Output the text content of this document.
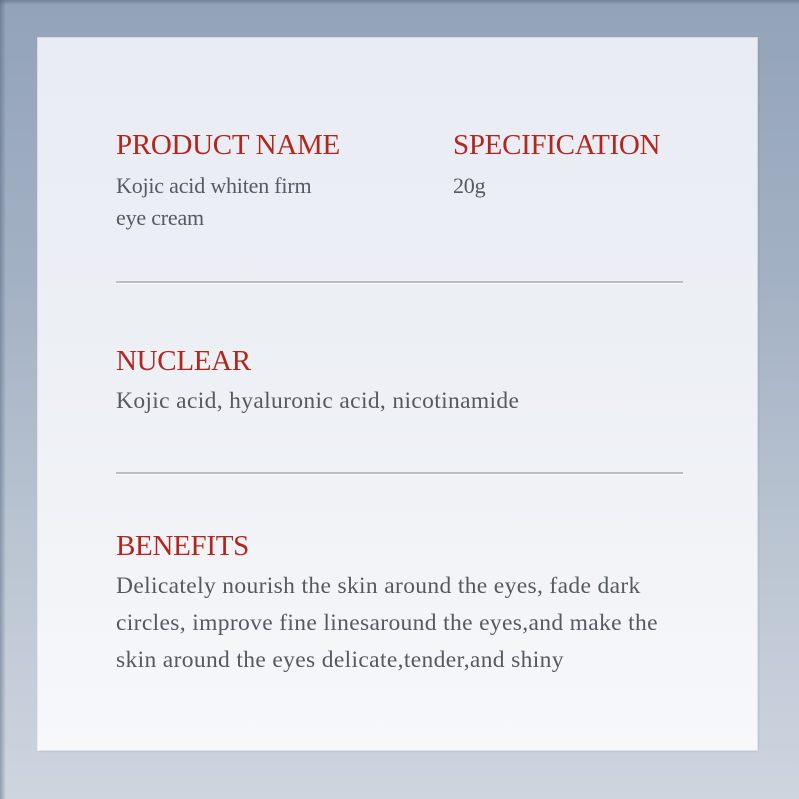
PRODUCT NAME
Kojic acid whiten firm
eye cream
SPECIFICATION
20g
NUCLEAR
Kojic acid, hyaluronic acid, nicotinamide
BENEFITS
Delicately nourish the skin around the eyes, fade dark
circles, improve fine linesaround the eyes,and make the
skin around the eyes delicate,tender,and shiny
